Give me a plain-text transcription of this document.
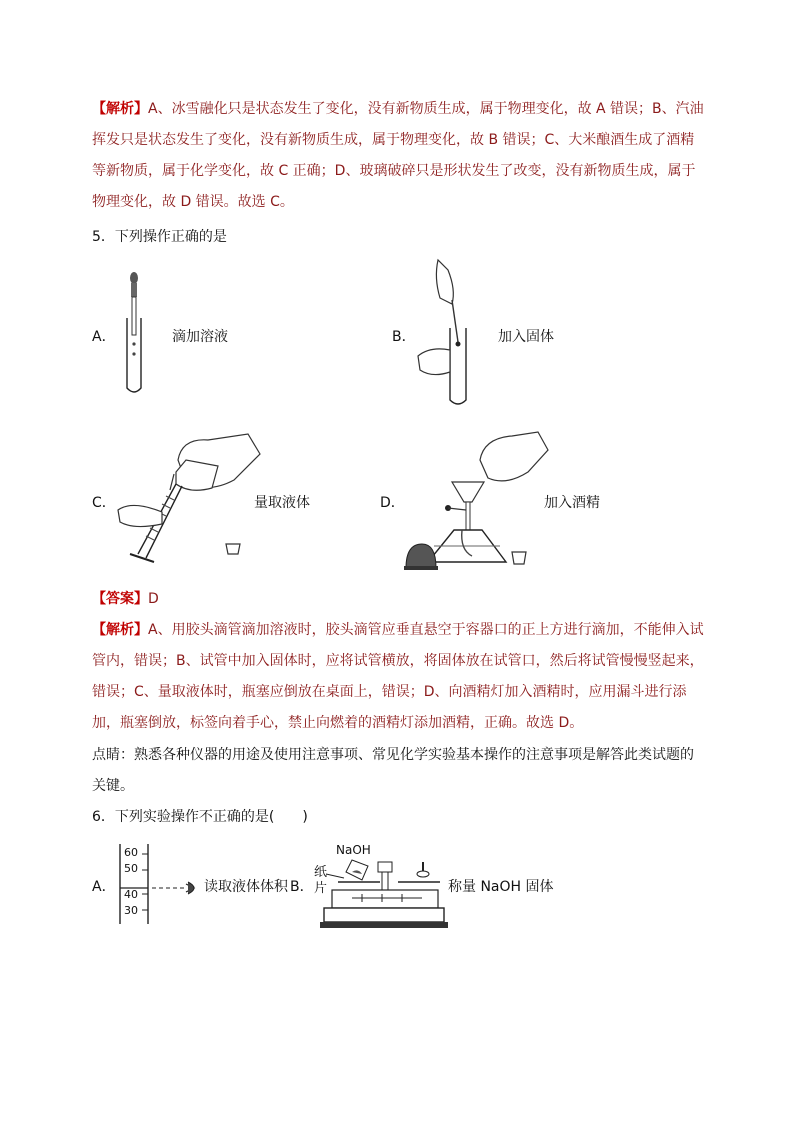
【解析】A、冰雪融化只是状态发生了变化，没有新物质生成，属于物理变化，故 A 错误；B、汽油挥发只是状态发生了变化，没有新物质生成，属于物理变化，故 B 错误；C、大米酿酒生成了酒精等新物质，属于化学变化，故 C 正确；D、玻璃破碎只是形状发生了改变，没有新物质生成，属于物理变化，故 D 错误。故选 C。
5．下列操作正确的是
A．	滴加溶液	B．	加入固体
C．	量取液体	D．	加入酒精
【答案】D
【解析】A、用胶头滴管滴加溶液时，胶头滴管应垂直悬空于容器口的正上方进行滴加，不能伸入试管内，错误；B、试管中加入固体时，应将试管横放，将固体放在试管口，然后将试管慢慢竖起来，错误；C、量取液体时，瓶塞应倒放在桌面上，错误；D、向酒精灯加入酒精时，应用漏斗进行添加，瓶塞倒放，标签向着手心，禁止向燃着的酒精灯添加酒精，正确。故选 D。
点睛：熟悉各种仪器的用途及使用注意事项、常见化学实验基本操作的注意事项是解答此类试题的关键。
6．下列实验操作不正确的是(　　)
A．
60
50
40
30
读取液体体积 B．
纸
片
NaOH
称量 NaOH 固体
